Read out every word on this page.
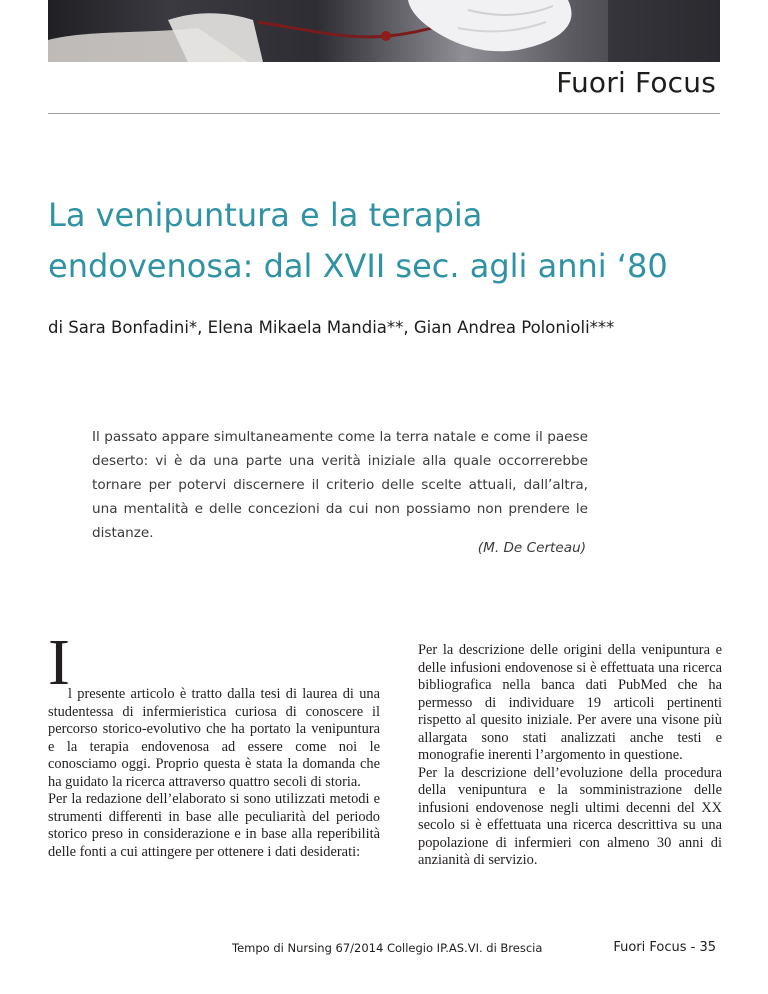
Fuori Focus
La venipuntura e la terapia
endovenosa: dal XVII sec. agli anni ‘80
di Sara Bonfadini*, Elena Mikaela Mandia**, Gian Andrea Polonioli***

Il passato appare simultaneamente come la terra natale e come il paese deserto: vi è da una parte una verità iniziale alla quale occorrerebbe tornare per potervi discernere il criterio delle scelte attuali, dall’altra, una mentalità e delle concezioni da cui non possiamo non prendere le distanze.

(M. De Certeau)

I
l presente articolo è tratto dalla tesi di laurea di una studentessa di infermieristica curiosa di conoscere il percorso storico-evolutivo che ha portato la venipuntura e la terapia endovenosa ad essere come noi le conosciamo oggi. Proprio questa è stata la domanda che ha guidato la ricerca attraverso quattro secoli di storia.

Per la redazione dell’elaborato si sono utilizzati metodi e strumenti differenti in base alle peculiarità del periodo storico preso in considerazione e in base alla reperibilità delle fonti a cui attingere per ottenere i dati desiderati:

Per la descrizione delle origini della venipuntura e delle infusioni endovenose si è effettuata una ricerca bibliografica nella banca dati PubMed che ha permesso di individuare 19 articoli pertinenti rispetto al quesito iniziale. Per avere una visone più allargata sono stati analizzati anche testi e monografie inerenti l’argomento in questione.

Per la descrizione dell’evoluzione della procedura della venipuntura e la somministrazione delle infusioni endovenose negli ultimi decenni del XX secolo si è effettuata una ricerca descrittiva su una popolazione di infermieri con almeno 30 anni di anzianità di servizio.

Tempo di Nursing 67/2014 Collegio IP.AS.VI. di Brescia	Fuori Focus - 35
